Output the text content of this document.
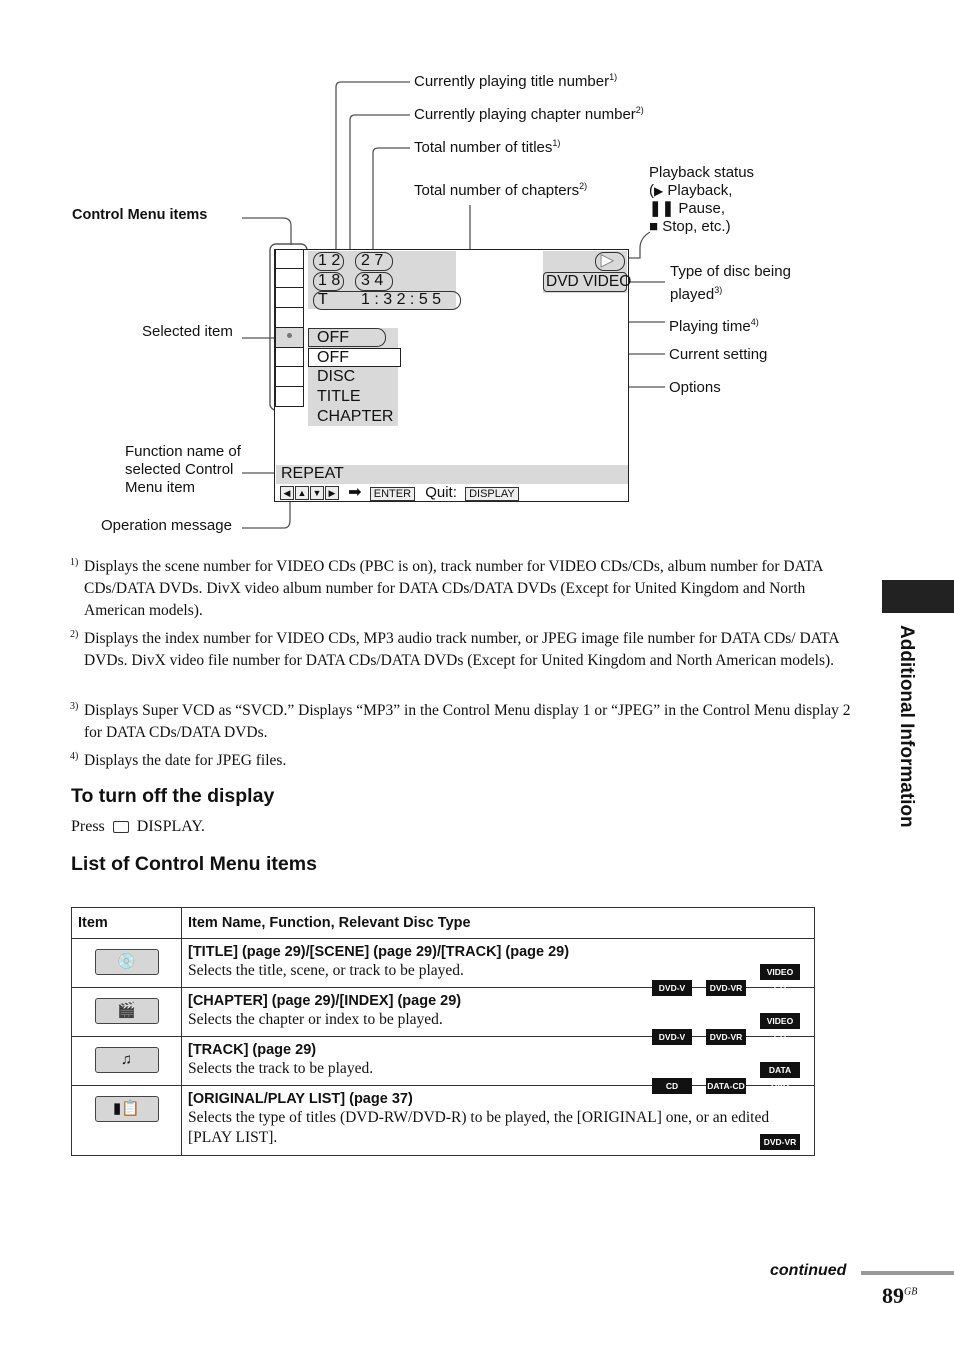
Currently playing title number$^{1)}$
Currently playing chapter number$^{2)}$
Total number of titles$^{1)}$
Total number of chapters$^{2)}$
Playback status
(▶ Playback,
❚❚ Pause,
■ Stop, etc.)
Type of disc being
played$^{3)}$
Playing time$^{4)}$
Current setting
Options
Control Menu items
Selected item
Function name of
selected Control
Menu item
Operation message
1 2 2 7
1 8 3 4
T 1 : 3 2 : 5 5
▶
DVD VIDEO
OFF
OFF
DISC
TITLE
CHAPTER
REPEAT
◀ ▲ ▼ ▶ ➡ ENTER Quit: DISPLAY
1) Displays the scene number for VIDEO CDs (PBC is on), track number for VIDEO CDs/CDs, album number for DATA CDs/DATA DVDs. DivX video album number for DATA CDs/DATA DVDs (Except for United Kingdom and North American models).
2) Displays the index number for VIDEO CDs, MP3 audio track number, or JPEG image file number for DATA CDs/ DATA DVDs. DivX video file number for DATA CDs/DATA DVDs (Except for United Kingdom and North American models).
3) Displays Super VCD as “SVCD.” Displays “MP3” in the Control Menu display 1 or “JPEG” in the Control Menu display 2 for DATA CDs/DATA DVDs.
4) Displays the date for JPEG files.
To turn off the display
Press DISPLAY.
List of Control Menu items
Item	Item Name, Function, Relevant Disc Type

💿	[TITLE] (page 29)/[SCENE] (page 29)/[TRACK] (page 29)
Selects the title, scene, or track to be played.
DVD-V DVD-VRVIDEO CD

🎬	[CHAPTER] (page 29)/[INDEX] (page 29)
Selects the chapter or index to be played.
DVD-V DVD-VRVIDEO CD

♫	[TRACK] (page 29)
Selects the track to be played.
CD DATA-CDDATA DVD

▮📋	[ORIGINAL/PLAY LIST] (page 37)
Selects the type of titles (DVD-RW/DVD-R) to be played, the [ORIGINAL] one, or an edited [PLAY LIST]. DVD-VR
Additional Information
continued
$89^{GB}$
